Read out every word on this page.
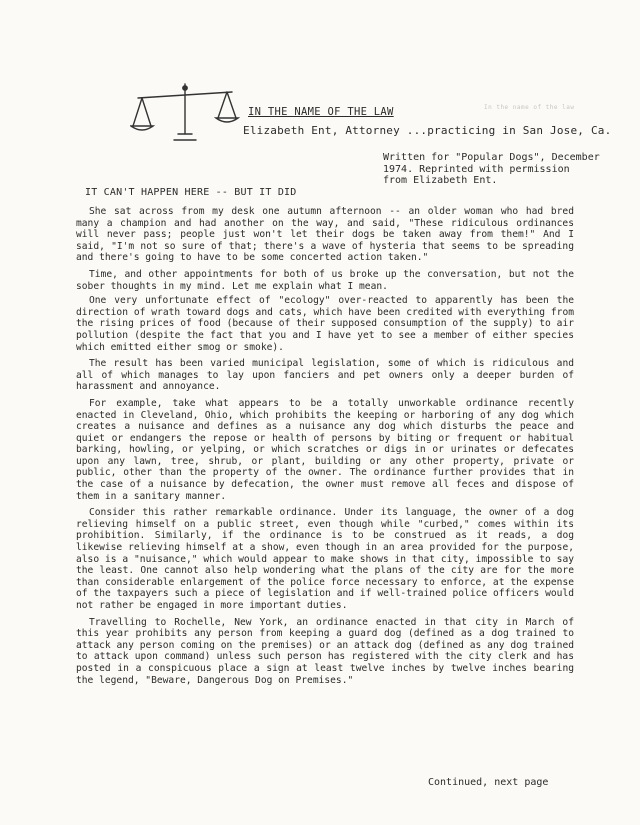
In the name of the law
IN THE NAME OF THE LAW
Elizabeth Ent, Attorney ...practicing in San Jose, Ca.
Written for "Popular Dogs", December
1974. Reprinted with permission
from Elizabeth Ent.
IT CAN'T HAPPEN HERE -- BUT IT DID

She sat across from my desk one autumn afternoon -- an older woman who had bred many a champion and had another on the way, and said, "These ridiculous ordinances will never pass; people just won't let their dogs be taken away from them!" And I said, "I'm not so sure of that; there's a wave of hysteria that seems to be spreading and there's going to have to be some concerted action taken."

Time, and other appointments for both of us broke up the conversation, but not the sober thoughts in my mind. Let me explain what I mean.

One very unfortunate effect of "ecology" over-reacted to apparently has been the direction of wrath toward dogs and cats, which have been credited with everything from the rising prices of food (because of their supposed consumption of the supply) to air pollution (despite the fact that you and I have yet to see a member of either species which emitted either smog or smoke).

The result has been varied municipal legislation, some of which is ridiculous and all of which manages to lay upon fanciers and pet owners only a deeper burden of harassment and annoyance.

For example, take what appears to be a totally unworkable ordinance recently enacted in Cleveland, Ohio, which prohibits the keeping or harboring of any dog which creates a nuisance and defines as a nuisance any dog which disturbs the peace and quiet or endangers the repose or health of persons by biting or frequent or habitual barking, howling, or yelping, or which scratches or digs in or urinates or defecates upon any lawn, tree, shrub, or plant, building or any other property, private or public, other than the property of the owner. The ordinance further provides that in the case of a nuisance by defecation, the owner must remove all feces and dispose of them in a sanitary manner.

Consider this rather remarkable ordinance. Under its language, the owner of a dog relieving himself on a public street, even though while "curbed," comes within its prohibition. Similarly, if the ordinance is to be construed as it reads, a dog likewise relieving himself at a show, even though in an area provided for the purpose, also is a "nuisance," which would appear to make shows in that city, impossible to say the least. One cannot also help wondering what the plans of the city are for the more than considerable enlargement of the police force necessary to enforce, at the expense of the taxpayers such a piece of legislation and if well-trained police officers would not rather be engaged in more important duties.

Travelling to Rochelle, New York, an ordinance enacted in that city in March of this year prohibits any person from keeping a guard dog (defined as a dog trained to attack any person coming on the premises) or an attack dog (defined as any dog trained to attack upon command) unless such person has registered with the city clerk and has posted in a conspicuous place a sign at least twelve inches by twelve inches bearing the legend, "Beware, Dangerous Dog on Premises."

Continued, next page
